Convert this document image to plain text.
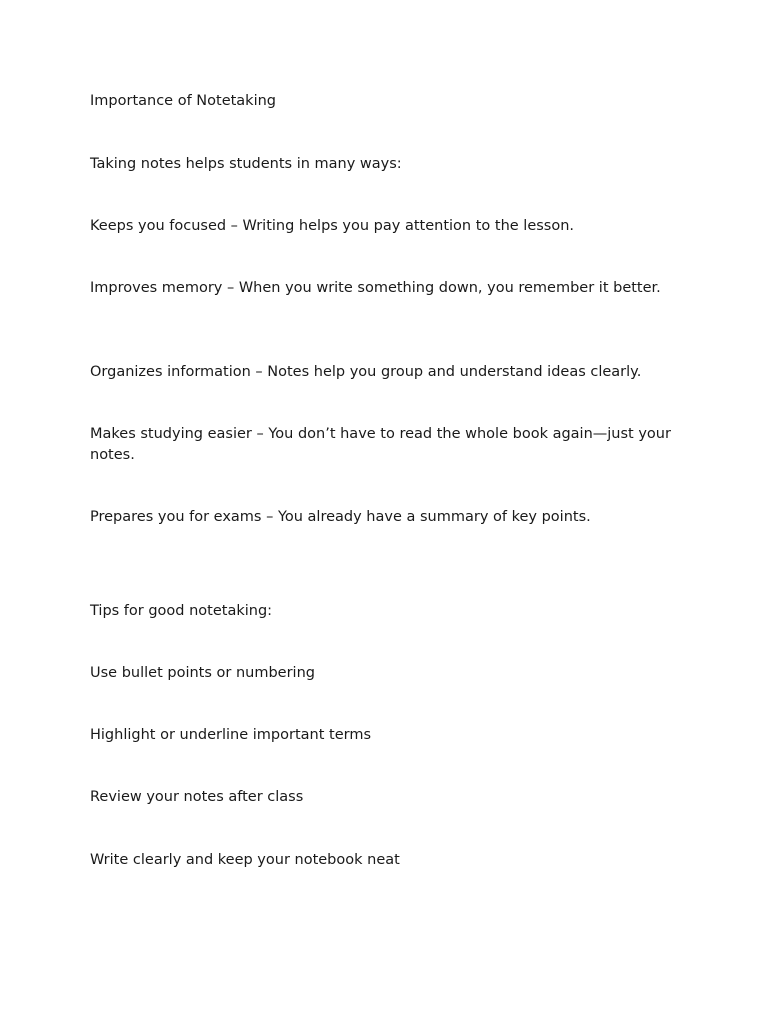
Importance of Notetaking

Taking notes helps students in many ways:

Keeps you focused – Writing helps you pay attention to the lesson.

Improves memory – When you write something down, you remember it better.

Organizes information – Notes help you group and understand ideas clearly.

Makes studying easier – You don’t have to read the whole book again—just your notes.

Prepares you for exams – You already have a summary of key points.

Tips for good notetaking:

Use bullet points or numbering

Highlight or underline important terms

Review your notes after class

Write clearly and keep your notebook neat
